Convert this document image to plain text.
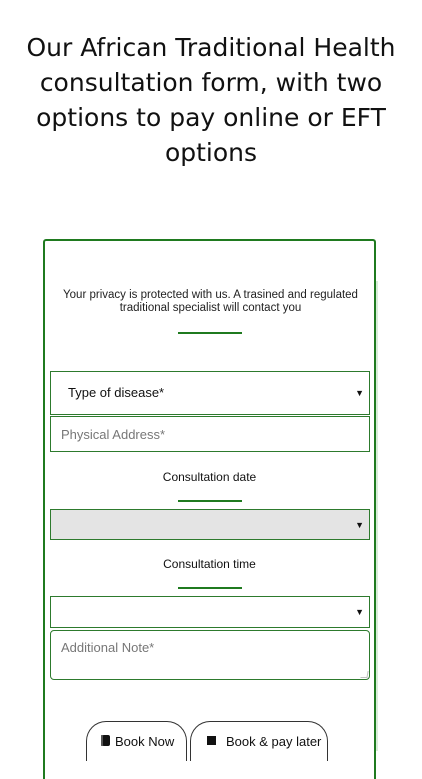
Our African Traditional Health consultation form, with two options to pay online or EFT options
Your privacy is protected with us. A trasined and regulated traditional specialist will contact you
Type of disease*	▼
Physical Address*
Consultation date
▼
Consultation time
▼
Additional Note*
Book Now	Book & pay later
